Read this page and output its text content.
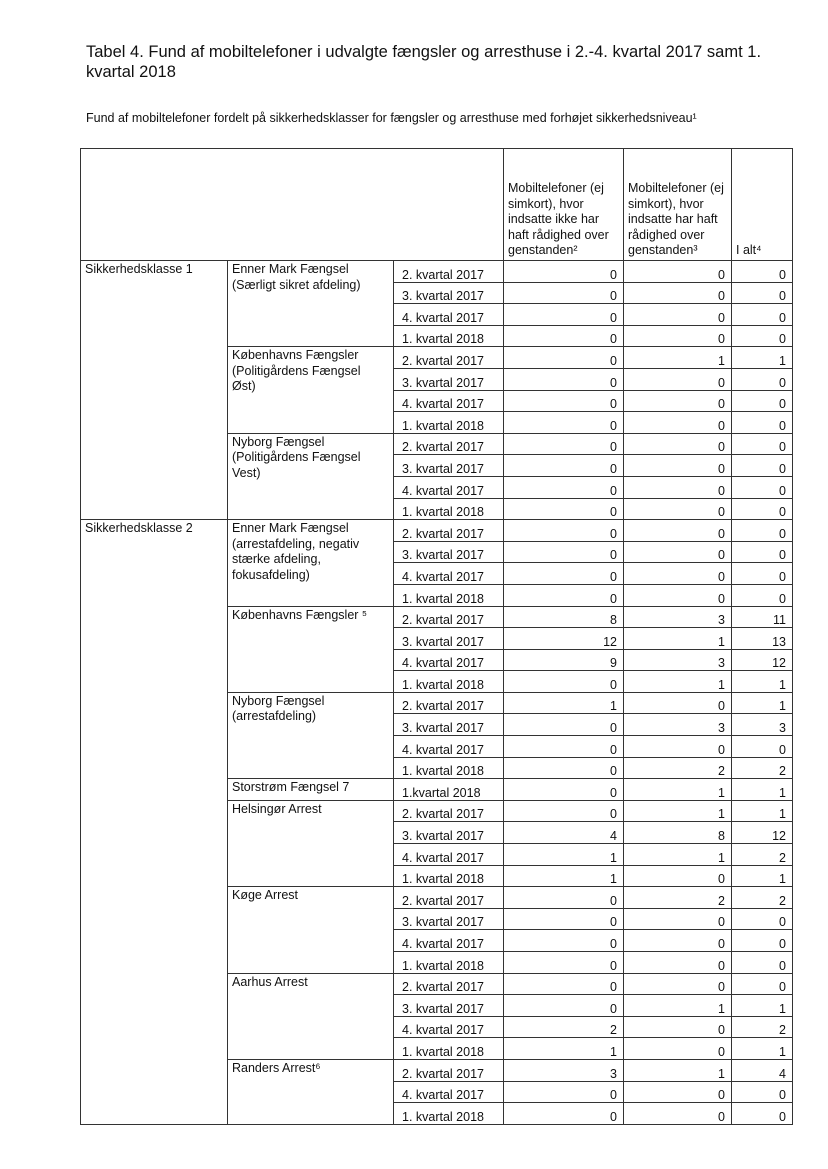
Tabel 4. Fund af mobiltelefoner i udvalgte fængsler og arresthuse i 2.-4. kvartal 2017 samt 1. kvartal 2018
Fund af mobiltelefoner fordelt på sikkerhedsklasser for fængsler og arresthuse med forhøjet sikkerhedsniveau¹
			Mobiltelefoner (ej simkort), hvor indsatte ikke har haft rådighed over genstanden²	Mobiltelefoner (ej simkort), hvor indsatte har haft rådighed over genstanden³	I alt⁴

Sikkerhedsklasse 1	Enner Mark Fængsel (Særligt sikret afdeling)	2. kvartal 2017	0	0	0
		3. kvartal 2017	0	0	0
		4. kvartal 2017	0	0	0
		1. kvartal 2018	0	0	0

	Københavns Fængsler (Politigårdens Fængsel Øst)	2. kvartal 2017	0	1	1
		3. kvartal 2017	0	0	0
		4. kvartal 2017	0	0	0
		1. kvartal 2018	0	0	0

	Nyborg Fængsel (Politigårdens Fængsel Vest)	2. kvartal 2017	0	0	0
		3. kvartal 2017	0	0	0
		4. kvartal 2017	0	0	0
		1. kvartal 2018	0	0	0

Sikkerhedsklasse 2	Enner Mark Fængsel (arrestafdeling, negativ stærke afdeling, fokusafdeling)	2. kvartal 2017	0	0	0
		3. kvartal 2017	0	0	0
		4. kvartal 2017	0	0	0
		1. kvartal 2018	0	0	0

	Københavns Fængsler ⁵	2. kvartal 2017	8	3	11
		3. kvartal 2017	12	1	13
		4. kvartal 2017	9	3	12
		1. kvartal 2018	0	1	1

	Nyborg Fængsel (arrestafdeling)	2. kvartal 2017	1	0	1
		3. kvartal 2017	0	3	3
		4. kvartal 2017	0	0	0
		1. kvartal 2018	0	2	2

	Storstrøm Fængsel 7	1.kvartal 2018	0	1	1

	Helsingør Arrest	2. kvartal 2017	0	1	1
		3. kvartal 2017	4	8	12
		4. kvartal 2017	1	1	2
		1. kvartal 2018	1	0	1

	Køge Arrest	2. kvartal 2017	0	2	2
		3. kvartal 2017	0	0	0
		4. kvartal 2017	0	0	0
		1. kvartal 2018	0	0	0

	Aarhus Arrest	2. kvartal 2017	0	0	0
		3. kvartal 2017	0	1	1
		4. kvartal 2017	2	0	2
		1. kvartal 2018	1	0	1

	Randers Arrest⁶	2. kvartal 2017	3	1	4
		4. kvartal 2017	0	0	0
		1. kvartal 2018	0	0	0
